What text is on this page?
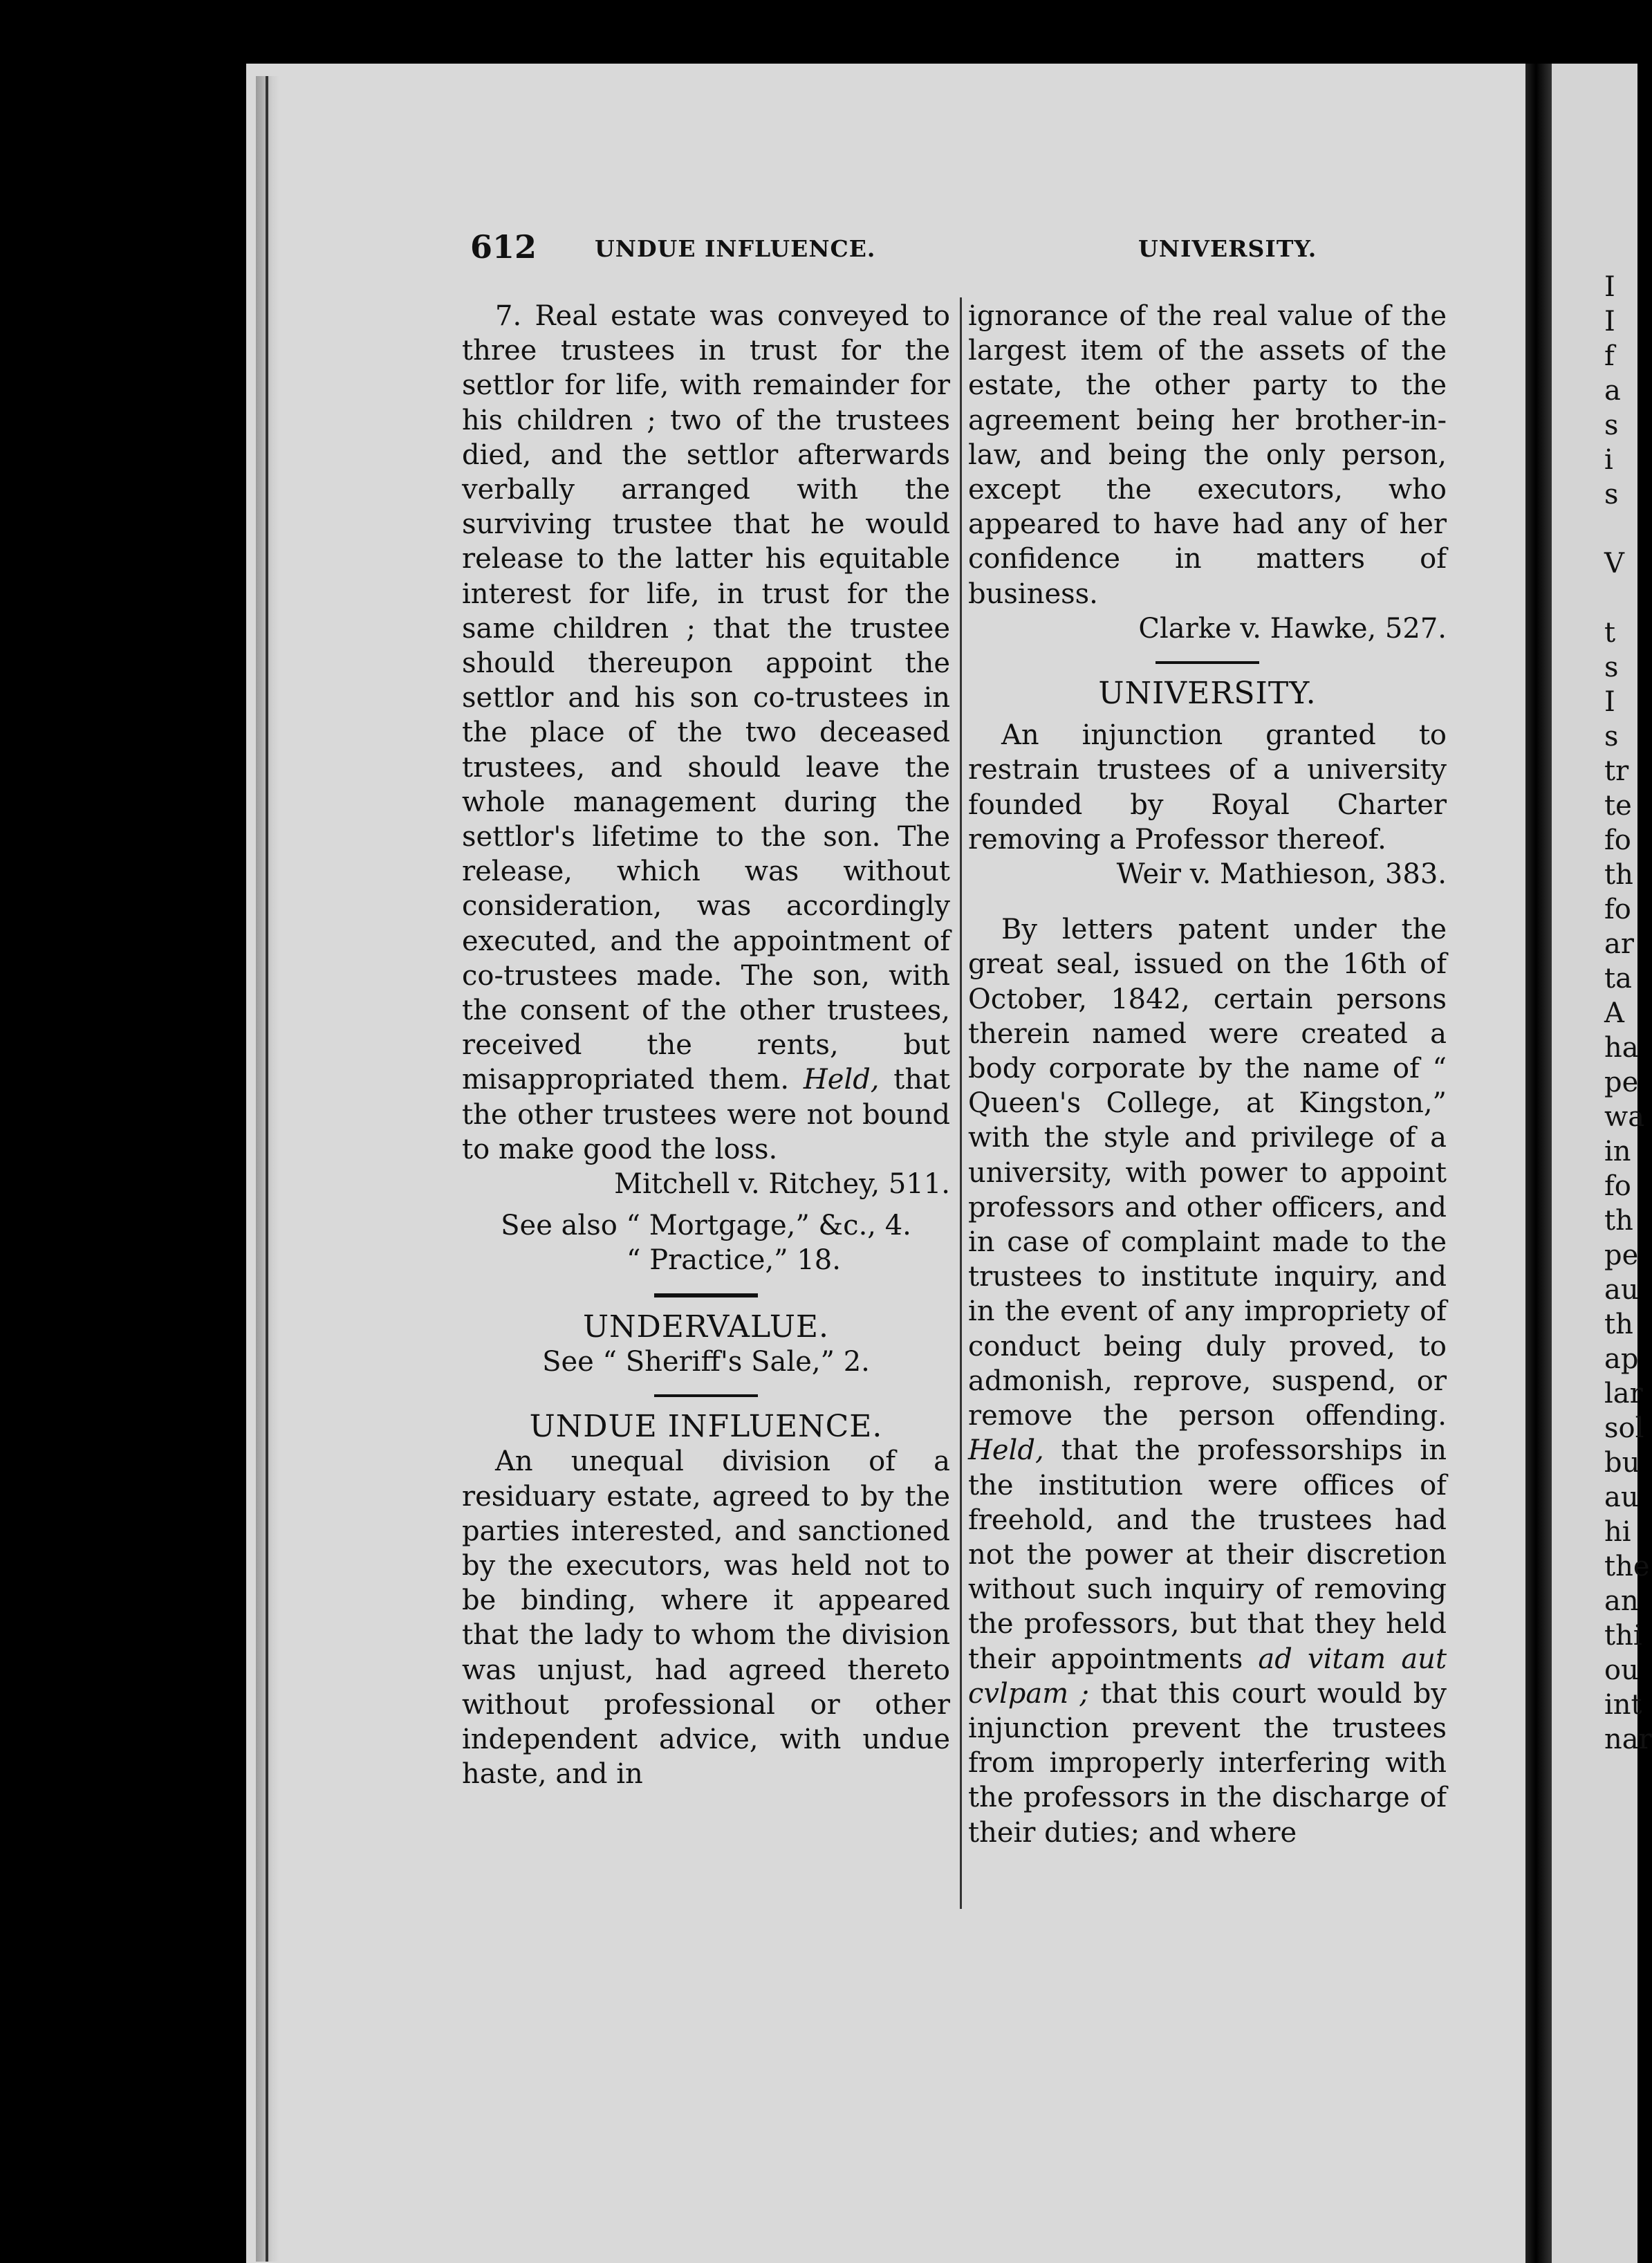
612	UNDUE INFLUENCE.	UNIVERSITY.

7. Real estate was conveyed to three trustees in trust for the settlor for life, with remainder for his children ; two of the trustees died, and the settlor afterwards verbally arranged with the surviving trustee that he would release to the latter his equitable interest for life, in trust for the same children ; that the trustee should thereupon appoint the settlor and his son co-trustees in the place of the two deceased trustees, and should leave the whole management during the settlor's lifetime to the son. The release, which was without consideration, was accordingly executed, and the appointment of co-trustees made. The son, with the consent of the other trustees, received the rents, but misappropriated them. Held, that the other trustees were not bound to make good the loss.

Mitchell v. Ritchey, 511.

See also “ Mortgage,” &c., 4.

“ Practice,” 18.

UNDERVALUE.

See “ Sheriff's Sale,” 2.

UNDUE INFLUENCE.

An unequal division of a residuary estate, agreed to by the parties interested, and sanctioned by the executors, was held not to be binding, where it appeared that the lady to whom the division was unjust, had agreed thereto without professional or other independent advice, with undue haste, and in

ignorance of the real value of the largest item of the assets of the estate, the other party to the agreement being her brother-in-law, and being the only person, except the executors, who appeared to have had any of her confidence in matters of business.

Clarke v. Hawke, 527.

UNIVERSITY.

An injunction granted to restrain trustees of a university founded by Royal Charter removing a Professor thereof.

Weir v. Mathieson, 383.

By letters patent under the great seal, issued on the 16th of October, 1842, certain persons therein named were created a body corporate by the name of “ Queen's College, at Kingston,” with the style and privilege of a university, with power to appoint professors and other officers, and in case of complaint made to the trustees to institute inquiry, and in the event of any impropriety of conduct being duly proved, to admonish, reprove, suspend, or remove the person offending. Held, that the professorships in the institution were offices of freehold, and the trustees had not the power at their discretion without such inquiry of removing the professors, but that they held their appointments ad vitam aut cvlpam ; that this court would by injunction prevent the trustees from improperly interfering with the professors in the discharge of their duties; and where

I
I
f
a
s
i
s

V

t
s
I
s
tr
te
fo
th
fo
ar
ta
A
ha
pe
wa
in
fo
th
pe
au
th
ap
lar
sol
bu
au
hi
the
an
thi
ou
int
nar
